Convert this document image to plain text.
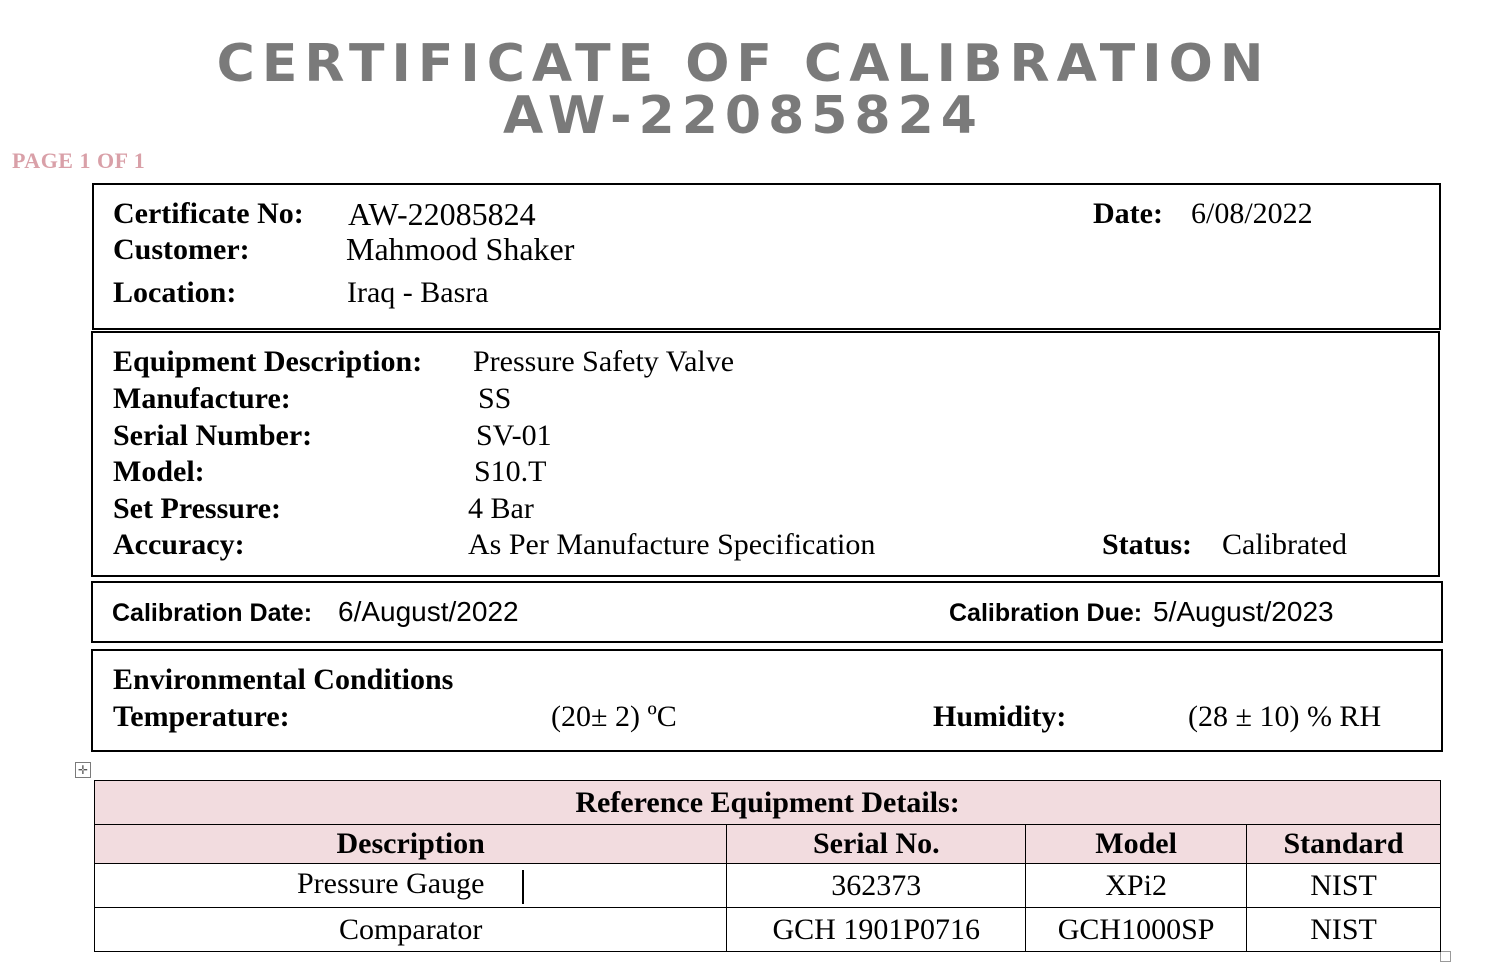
CERTIFICATE OF CALIBRATION
AW-22085824
PAGE 1 OF 1
Certificate No: AW-22085824	Date: 6/08/2022
Customer:	Mahmood Shaker
Location:	Iraq - Basra
Equipment Description: Pressure Safety Valve
Manufacture:	SS
Serial Number:	SV-01
Model:	S10.T
Set Pressure:	4 Bar
Accuracy:	As Per Manufacture Specification	Status: Calibrated
Calibration Date: 6/August/2022	Calibration Due: 5/August/2023
Environmental Conditions
Temperature:	(20± 2) ºC	Humidity:	(28 ± 10) % RH
✛
Reference Equipment Details:			
Description	Serial No.	Model	Standard
Pressure Gauge	362373	XPi2	NIST
Comparator	GCH 1901P0716	GCH1000SP	NIST
